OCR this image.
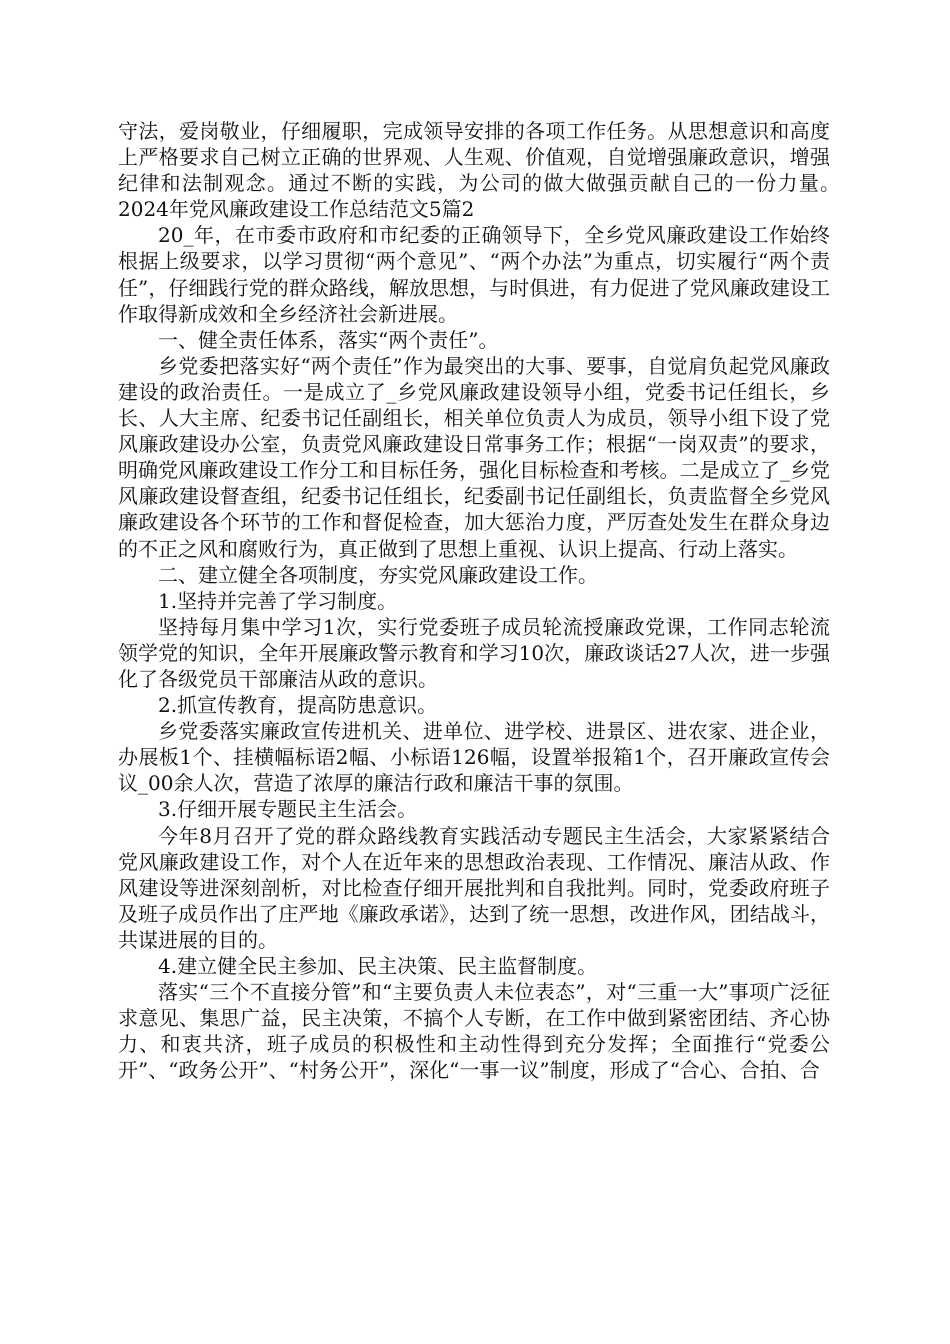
守法，爱岗敬业，仔细履职，完成领导安排的各项工作任务。从思想意识和高度上严格要求自己树立正确的世界观、人生观、价值观，自觉增强廉政意识，增强纪律和法制观念。通过不断的实践，为公司的做大做强贡献自己的一份力量。　　2024年党风廉政建设工作总结范文5篇2

20_年，在市委市政府和市纪委的正确领导下，全乡党风廉政建设工作始终根据上级要求，以学习贯彻“两个意见”、“两个办法”为重点，切实履行“两个责任”，仔细践行党的群众路线，解放思想，与时俱进，有力促进了党风廉政建设工作取得新成效和全乡经济社会新进展。

一、健全责任体系，落实“两个责任”。

乡党委把落实好“两个责任”作为最突出的大事、要事，自觉肩负起党风廉政建设的政治责任。一是成立了_乡党风廉政建设领导小组，党委书记任组长，乡长、人大主席、纪委书记任副组长，相关单位负责人为成员，领导小组下设了党风廉政建设办公室，负责党风廉政建设日常事务工作；根据“一岗双责”的要求，明确党风廉政建设工作分工和目标任务，强化目标检查和考核。二是成立了_乡党风廉政建设督查组，纪委书记任组长，纪委副书记任副组长，负责监督全乡党风廉政建设各个环节的工作和督促检查，加大惩治力度，严厉查处发生在群众身边的不正之风和腐败行为，真正做到了思想上重视、认识上提高、行动上落实。

二、建立健全各项制度，夯实党风廉政建设工作。

1.坚持并完善了学习制度。

坚持每月集中学习1次，实行党委班子成员轮流授廉政党课，工作同志轮流领学党的知识，全年开展廉政警示教育和学习10次，廉政谈话27人次，进一步强化了各级党员干部廉洁从政的意识。

2.抓宣传教育，提高防患意识。

乡党委落实廉政宣传进机关、进单位、进学校、进景区、进农家、进企业，办展板1个、挂横幅标语2幅、小标语126幅，设置举报箱1个，召开廉政宣传会议_00余人次，营造了浓厚的廉洁行政和廉洁干事的氛围。

3.仔细开展专题民主生活会。

今年8月召开了党的群众路线教育实践活动专题民主生活会，大家紧紧结合党风廉政建设工作，对个人在近年来的思想政治表现、工作情况、廉洁从政、作风建设等进深刻剖析，对比检查仔细开展批判和自我批判。同时，党委政府班子及班子成员作出了庄严地《廉政承诺》，达到了统一思想，改进作风，团结战斗，共谋进展的目的。

4.建立健全民主参加、民主决策、民主监督制度。

落实“三个不直接分管”和“主要负责人未位表态”，对“三重一大”事项广泛征求意见、集思广益，民主决策，不搞个人专断，在工作中做到紧密团结、齐心协力、和衷共济，班子成员的积极性和主动性得到充分发挥；全面推行“党委公开”、“政务公开”、“村务公开”，深化“一事一议”制度，形成了“合心、合拍、合
